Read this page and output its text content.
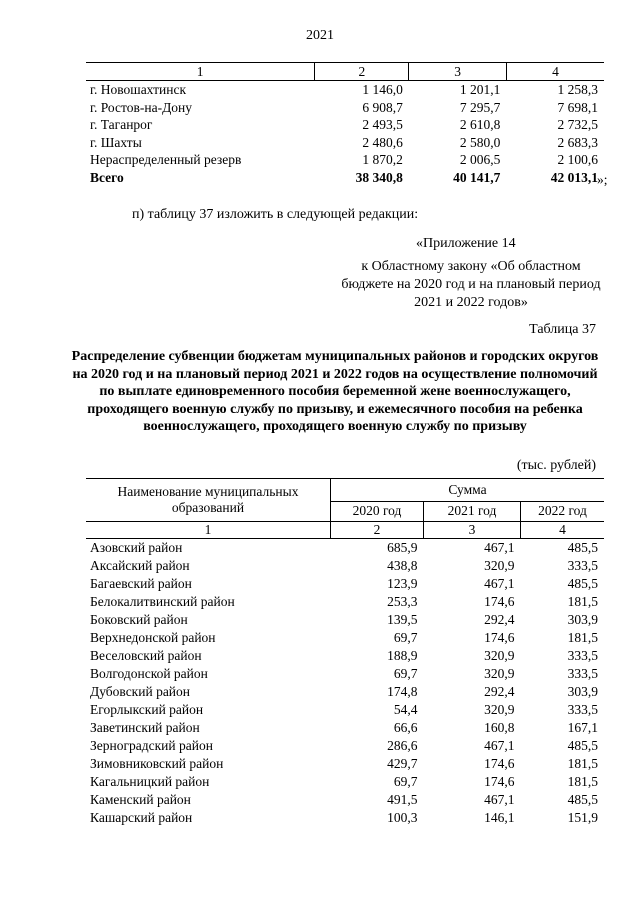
2021
1	2	3	4
г. Новошахтинск	1 146,0	1 201,1	1 258,3
г. Ростов-на-Дону	6 908,7	7 295,7	7 698,1
г. Таганрог	2 493,5	2 610,8	2 732,5
г. Шахты	2 480,6	2 580,0	2 683,3
Нераспределенный резерв	1 870,2	2 006,5	2 100,6
Всего	38 340,8	40 141,7	42 013,1 »;
п) таблицу 37 изложить в следующей редакции:
«Приложение 14
к Областному закону «Об областном бюджете на 2020 год и на плановый период 2021 и 2022 годов»
Таблица 37
Распределение субвенции бюджетам муниципальных районов и городских округов на 2020 год и на плановый период 2021 и 2022 годов на осуществление полномочий по выплате единовременного пособия беременной жене военнослужащего, проходящего военную службу по призыву, и ежемесячного пособия на ребенка военнослужащего, проходящего военную службу по призыву
(тыс. рублей)
Наименование муниципальных образований	Сумма		
	2020 год	2021 год	2022 год
1	2	3	4
Азовский район	685,9	467,1	485,5
Аксайский район	438,8	320,9	333,5
Багаевский район	123,9	467,1	485,5
Белокалитвинский район	253,3	174,6	181,5
Боковский район	139,5	292,4	303,9
Верхнедонской район	69,7	174,6	181,5
Веселовский район	188,9	320,9	333,5
Волгодонской район	69,7	320,9	333,5
Дубовский район	174,8	292,4	303,9
Егорлыкский район	54,4	320,9	333,5
Заветинский район	66,6	160,8	167,1
Зерноградский район	286,6	467,1	485,5
Зимовниковский район	429,7	174,6	181,5
Кагальницкий район	69,7	174,6	181,5
Каменский район	491,5	467,1	485,5
Кашарский район	100,3	146,1	151,9
